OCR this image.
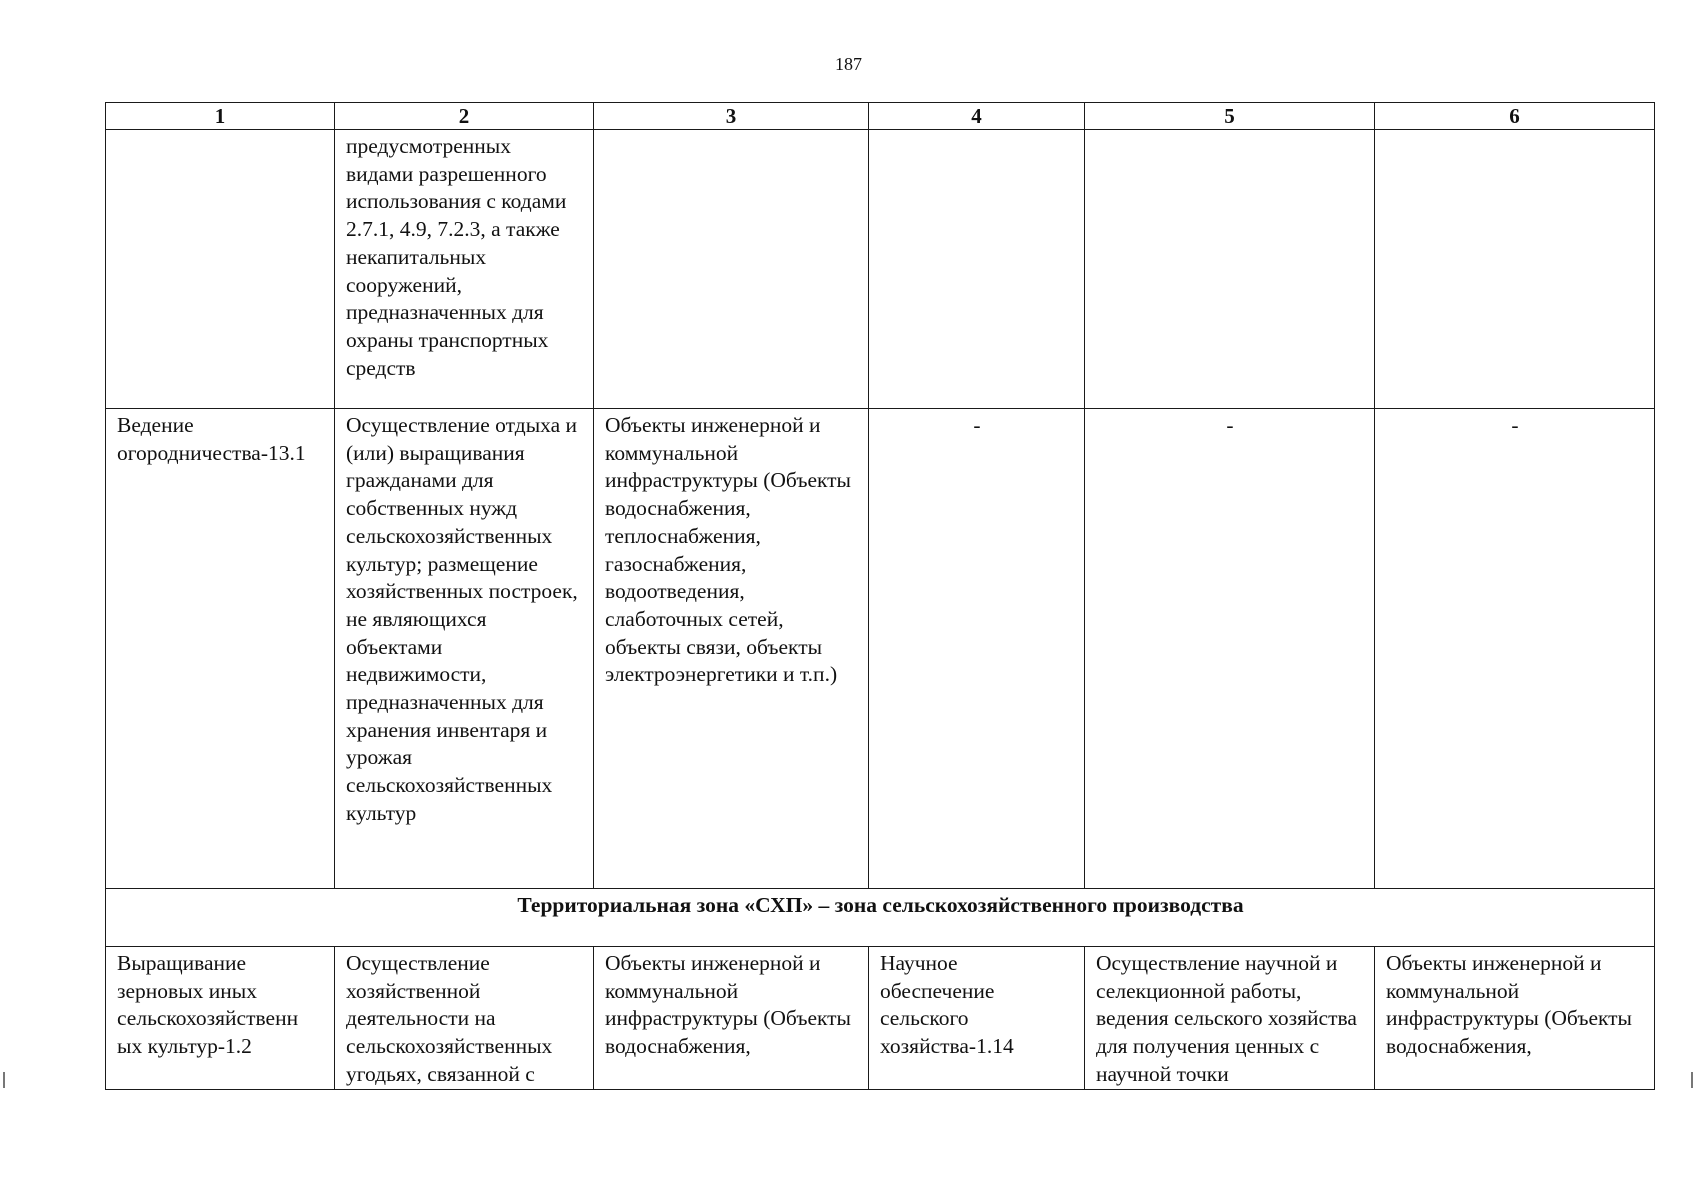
187
1	2	3	4	5	6
	предусмотренных видами разрешенного использования с кодами 2.7.1, 4.9, 7.2.3, а также некапитальных сооружений, предназначенных для охраны транспортных средств				
Ведение огородничества-13.1	Осуществление отдыха и (или) выращивания гражданами для собственных нужд сельскохозяйственных культур; размещение хозяйственных построек, не являющихся объектами недвижимости, предназначенных для хранения инвентаря и урожая сельскохозяйственных культур	Объекты инженерной и коммунальной инфраструктуры (Объекты водоснабжения, теплоснабжения, газоснабжения, водоотведения, слаботочных сетей, объекты связи, объекты электроэнергетики и т.п.)	-	-	-
Территориальная зона «СХП» – зона сельскохозяйственного производства					
Выращивание зерновых иных сельскохозяйственн ых культур-1.2	Осуществление хозяйственной деятельности на сельскохозяйственных угодьях, связанной с	Объекты инженерной и коммунальной инфраструктуры (Объекты водоснабжения,	Научное обеспечение сельского хозяйства-1.14	Осуществление научной и селекционной работы, ведения сельского хозяйства для получения ценных с научной точки	Объекты инженерной и коммунальной инфраструктуры (Объекты водоснабжения,
